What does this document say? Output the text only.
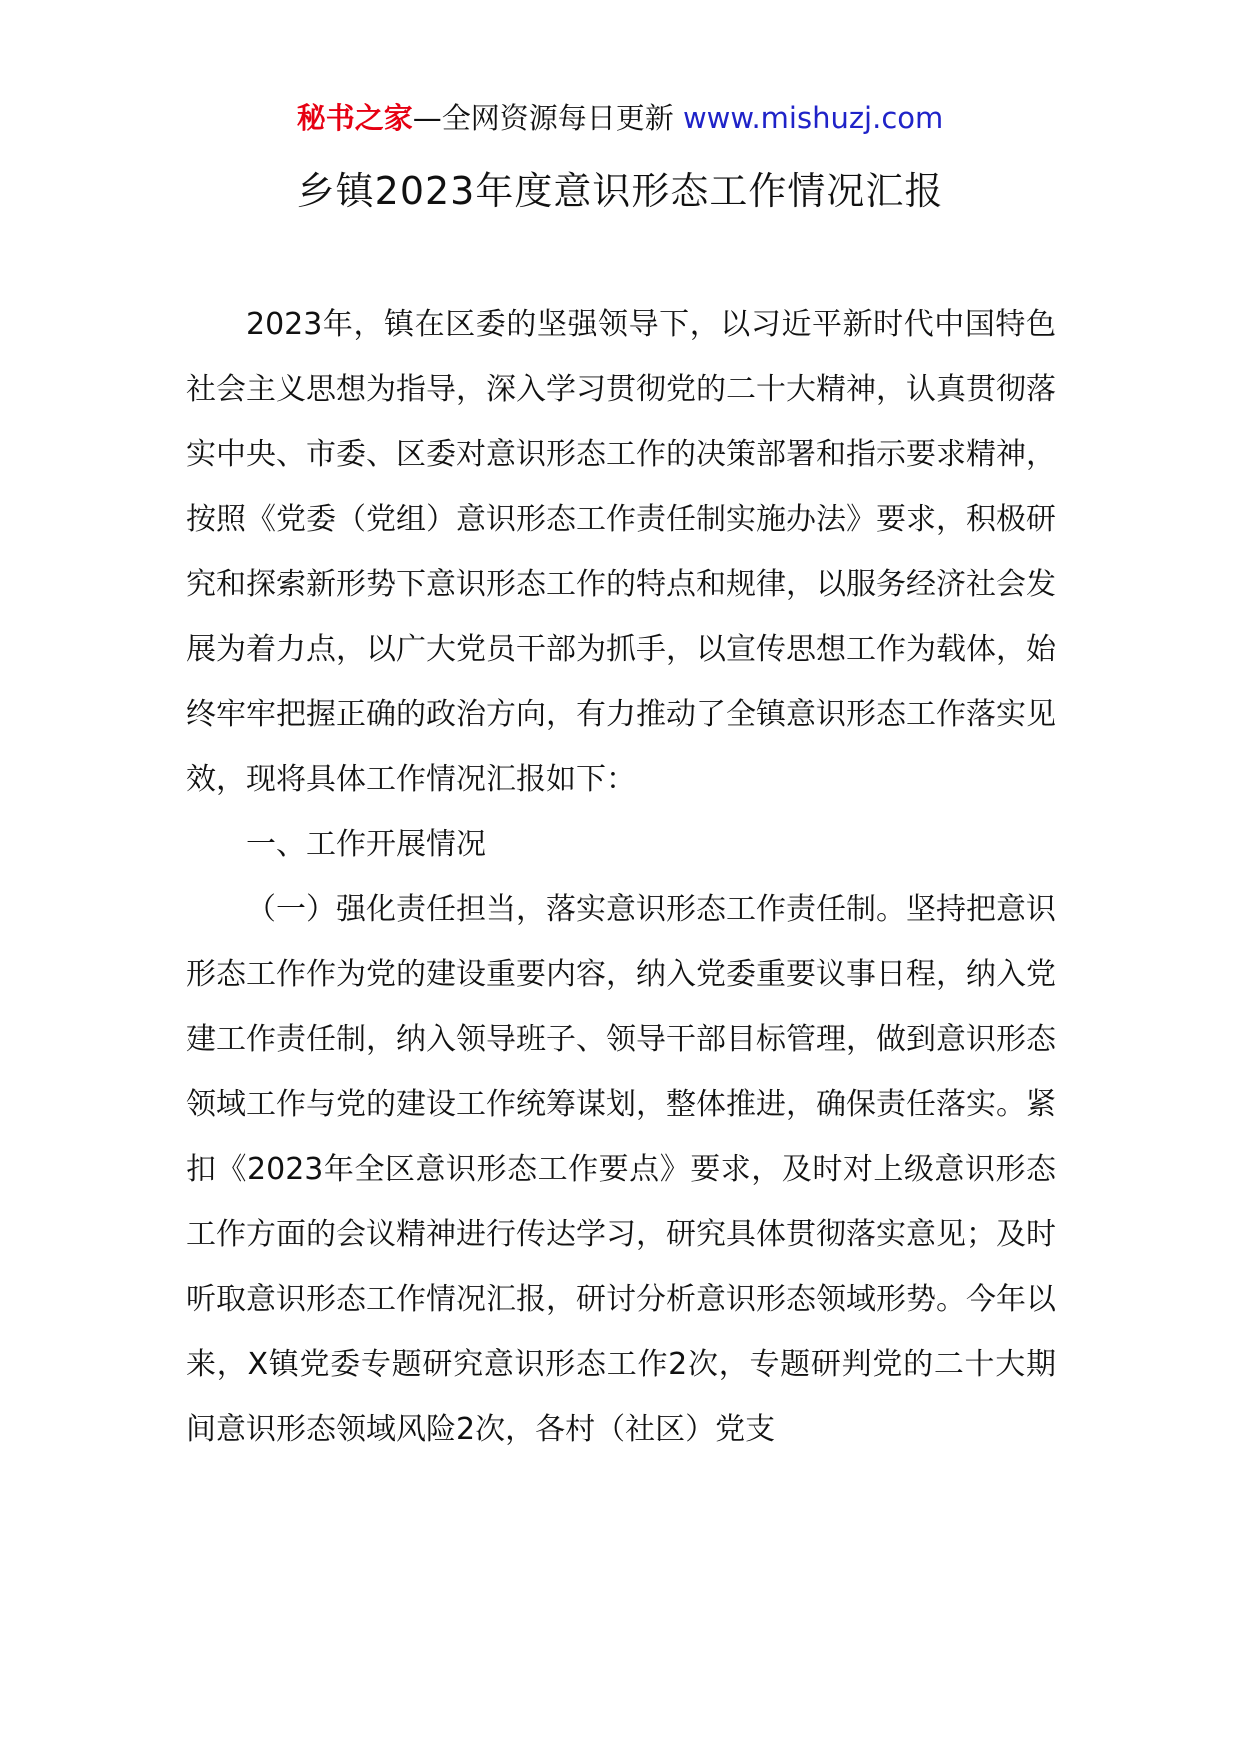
秘书之家—全网资源每日更新 www.mishuzj.com
乡镇2023年度意识形态工作情况汇报

2023年，镇在区委的坚强领导下，以习近平新时代中国特色社会主义思想为指导，深入学习贯彻党的二十大精神，认真贯彻落实中央、市委、区委对意识形态工作的决策部署和指示要求精神，按照《党委（党组）意识形态工作责任制实施办法》要求，积极研究和探索新形势下意识形态工作的特点和规律，以服务经济社会发展为着力点，以广大党员干部为抓手，以宣传思想工作为载体，始终牢牢把握正确的政治方向，有力推动了全镇意识形态工作落实见效，现将具体工作情况汇报如下：

一、工作开展情况

（一）强化责任担当，落实意识形态工作责任制。坚持把意识形态工作作为党的建设重要内容，纳入党委重要议事日程，纳入党建工作责任制，纳入领导班子、领导干部目标管理，做到意识形态领域工作与党的建设工作统筹谋划，整体推进，确保责任落实。紧扣《2023年全区意识形态工作要点》要求，及时对上级意识形态工作方面的会议精神进行传达学习，研究具体贯彻落实意见；及时听取意识形态工作情况汇报，研讨分析意识形态领域形势。今年以来，X镇党委专题研究意识形态工作2次，专题研判党的二十大期间意识形态领域风险2次，各村（社区）党支
